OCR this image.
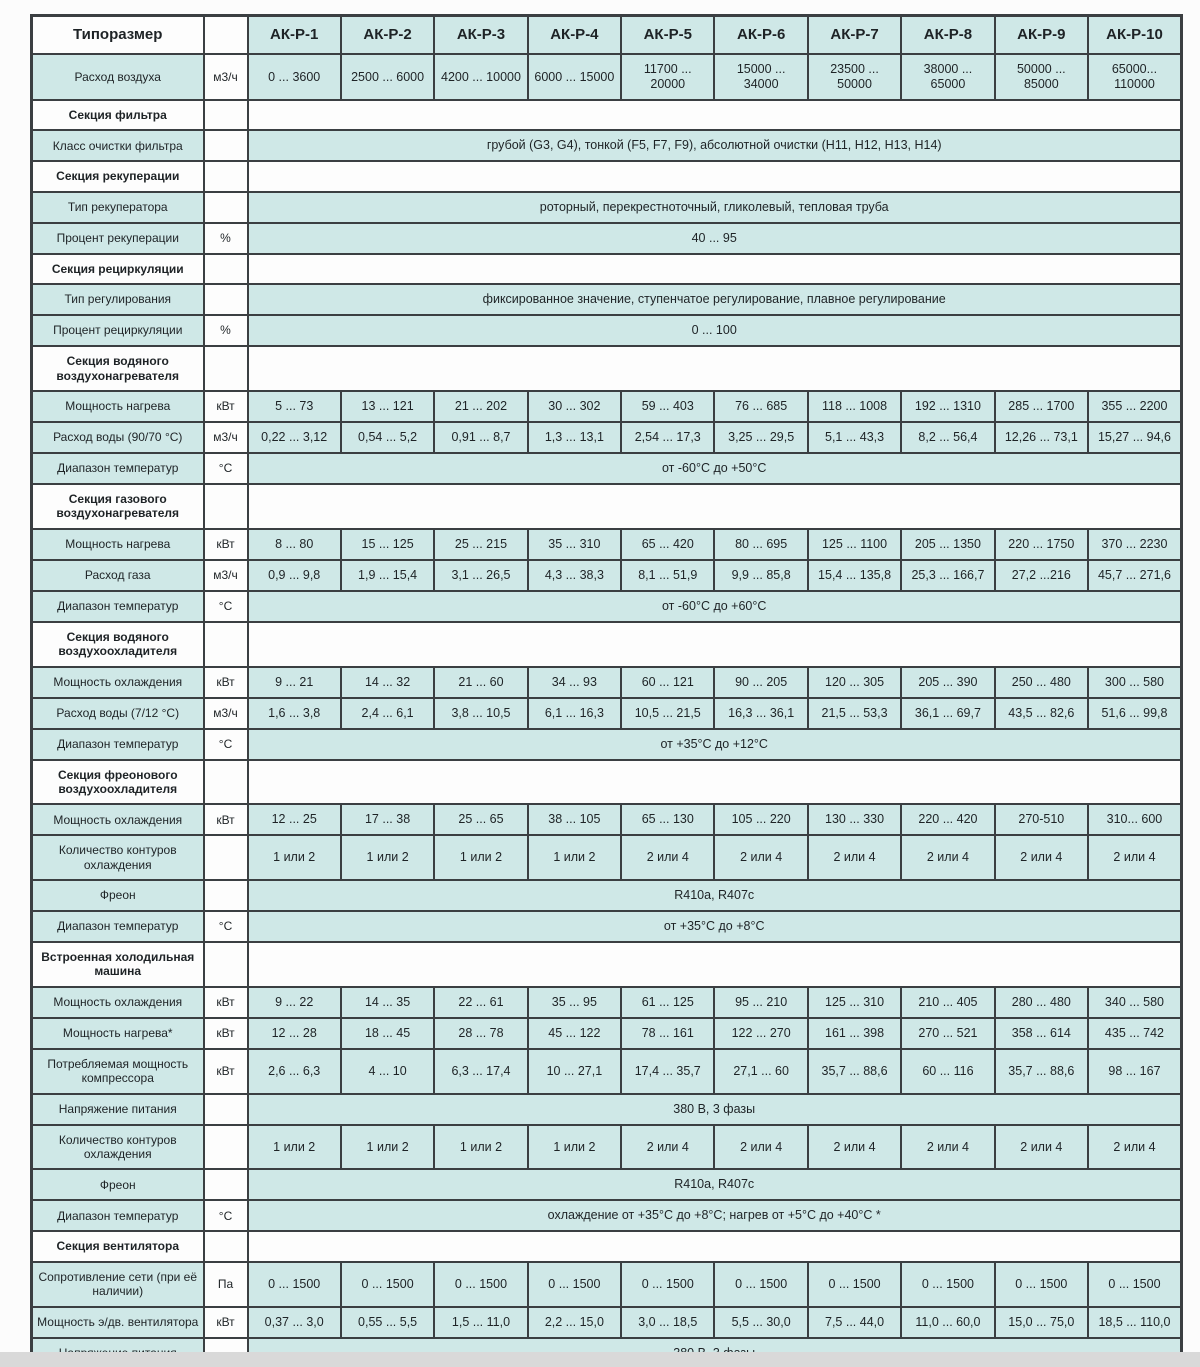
Типоразмер		АК-Р-1	АК-Р-2	АК-Р-3	АК-Р-4	АК-Р-5	АК-Р-6	АК-Р-7	АК-Р-8	АК-Р-9	АК-Р-10
Расход воздуха	м3/ч	0 ... 3600	2500 ... 6000	4200 ... 10000	6000 ... 15000	11700 ... 20000	15000 ... 34000	23500 ... 50000	38000 ... 65000	50000 ... 85000	65000... 110000
Секция фильтра											
Класс очистки фильтра		грубой (G3, G4), тонкой (F5, F7, F9), абсолютной очистки (H11, H12, H13, H14)									
Секция рекуперации											
Тип рекуператора		роторный, перекрестноточный, гликолевый, тепловая труба									
Процент рекуперации	%	40 ... 95									
Секция рециркуляции											
Тип регулирования		фиксированное значение, ступенчатое регулирование, плавное регулирование									
Процент рециркуляции	%	0 ... 100									
Секция водяного воздухонагревателя											
Мощность нагрева	кВт	5 ... 73	13 ... 121	21 ... 202	30 ... 302	59 ... 403	76 ... 685	118 ... 1008	192 ... 1310	285 ... 1700	355 ... 2200
Расход воды (90/70 °C)	м3/ч	0,22 ... 3,12	0,54 ... 5,2	0,91 ... 8,7	1,3 ... 13,1	2,54 ... 17,3	3,25 ... 29,5	5,1 ... 43,3	8,2 ... 56,4	12,26 ... 73,1	15,27 ... 94,6
Диапазон температур	°C	от -60°C до +50°C									
Секция газового воздухонагревателя											
Мощность нагрева	кВт	8 ... 80	15 ... 125	25 ... 215	35 ... 310	65 ... 420	80 ... 695	125 ... 1100	205 ... 1350	220 ... 1750	370 ... 2230
Расход газа	м3/ч	0,9 ... 9,8	1,9 ... 15,4	3,1 ... 26,5	4,3 ... 38,3	8,1 ... 51,9	9,9 ... 85,8	15,4 ... 135,8	25,3 ... 166,7	27,2 ...216	45,7 ... 271,6
Диапазон температур	°C	от -60°C до +60°C									
Секция водяного воздухоохладителя											
Мощность охлаждения	кВт	9 ... 21	14 ... 32	21 ... 60	34 ... 93	60 ... 121	90 ... 205	120 ... 305	205 ... 390	250 ... 480	300 ... 580
Расход воды (7/12 °C)	м3/ч	1,6 ... 3,8	2,4 ... 6,1	3,8 ... 10,5	6,1 ... 16,3	10,5 ... 21,5	16,3 ... 36,1	21,5 ... 53,3	36,1 ... 69,7	43,5 ... 82,6	51,6 ... 99,8
Диапазон температур	°C	от +35°C до +12°C									
Секция фреонового воздухоохладителя											
Мощность охлаждения	кВт	12 ... 25	17 ... 38	25 ... 65	38 ... 105	65 ... 130	105 ... 220	130 ... 330	220 ... 420	270-510	310... 600
Количество контуров охлаждения		1 или 2	1 или 2	1 или 2	1 или 2	2 или 4	2 или 4	2 или 4	2 или 4	2 или 4	2 или 4
Фреон		R410a, R407c									
Диапазон температур	°C	от +35°C до +8°C									
Встроенная холодильная машина											
Мощность охлаждения	кВт	9 ... 22	14 ... 35	22 ... 61	35 ... 95	61 ... 125	95 ... 210	125 ... 310	210 ... 405	280 ... 480	340 ... 580
Мощность нагрева*	кВт	12 ... 28	18 ... 45	28 ... 78	45 ... 122	78 ... 161	122 ... 270	161 ... 398	270 ... 521	358 ... 614	435 ... 742
Потребляемая мощность компрессора	кВт	2,6 ... 6,3	4 ... 10	6,3 ... 17,4	10 ... 27,1	17,4 ... 35,7	27,1 ... 60	35,7 ... 88,6	60 ... 116	35,7 ... 88,6	98 ... 167
Напряжение питания		380 В, 3 фазы									
Количество контуров охлаждения		1 или 2	1 или 2	1 или 2	1 или 2	2 или 4	2 или 4	2 или 4	2 или 4	2 или 4	2 или 4
Фреон		R410a, R407c									
Диапазон температур	°C	охлаждение от +35°C до +8°C; нагрев от +5°C до +40°C *									
Секция вентилятора											
Сопротивление сети (при её наличии)	Па	0 ... 1500	0 ... 1500	0 ... 1500	0 ... 1500	0 ... 1500	0 ... 1500	0 ... 1500	0 ... 1500	0 ... 1500	0 ... 1500
Мощность э/дв. вентилятора	кВт	0,37 ... 3,0	0,55 ... 5,5	1,5 ... 11,0	2,2 ... 15,0	3,0 ... 18,5	5,5 ... 30,0	7,5 ... 44,0	11,0 ... 60,0	15,0 ... 75,0	18,5 ... 110,0
